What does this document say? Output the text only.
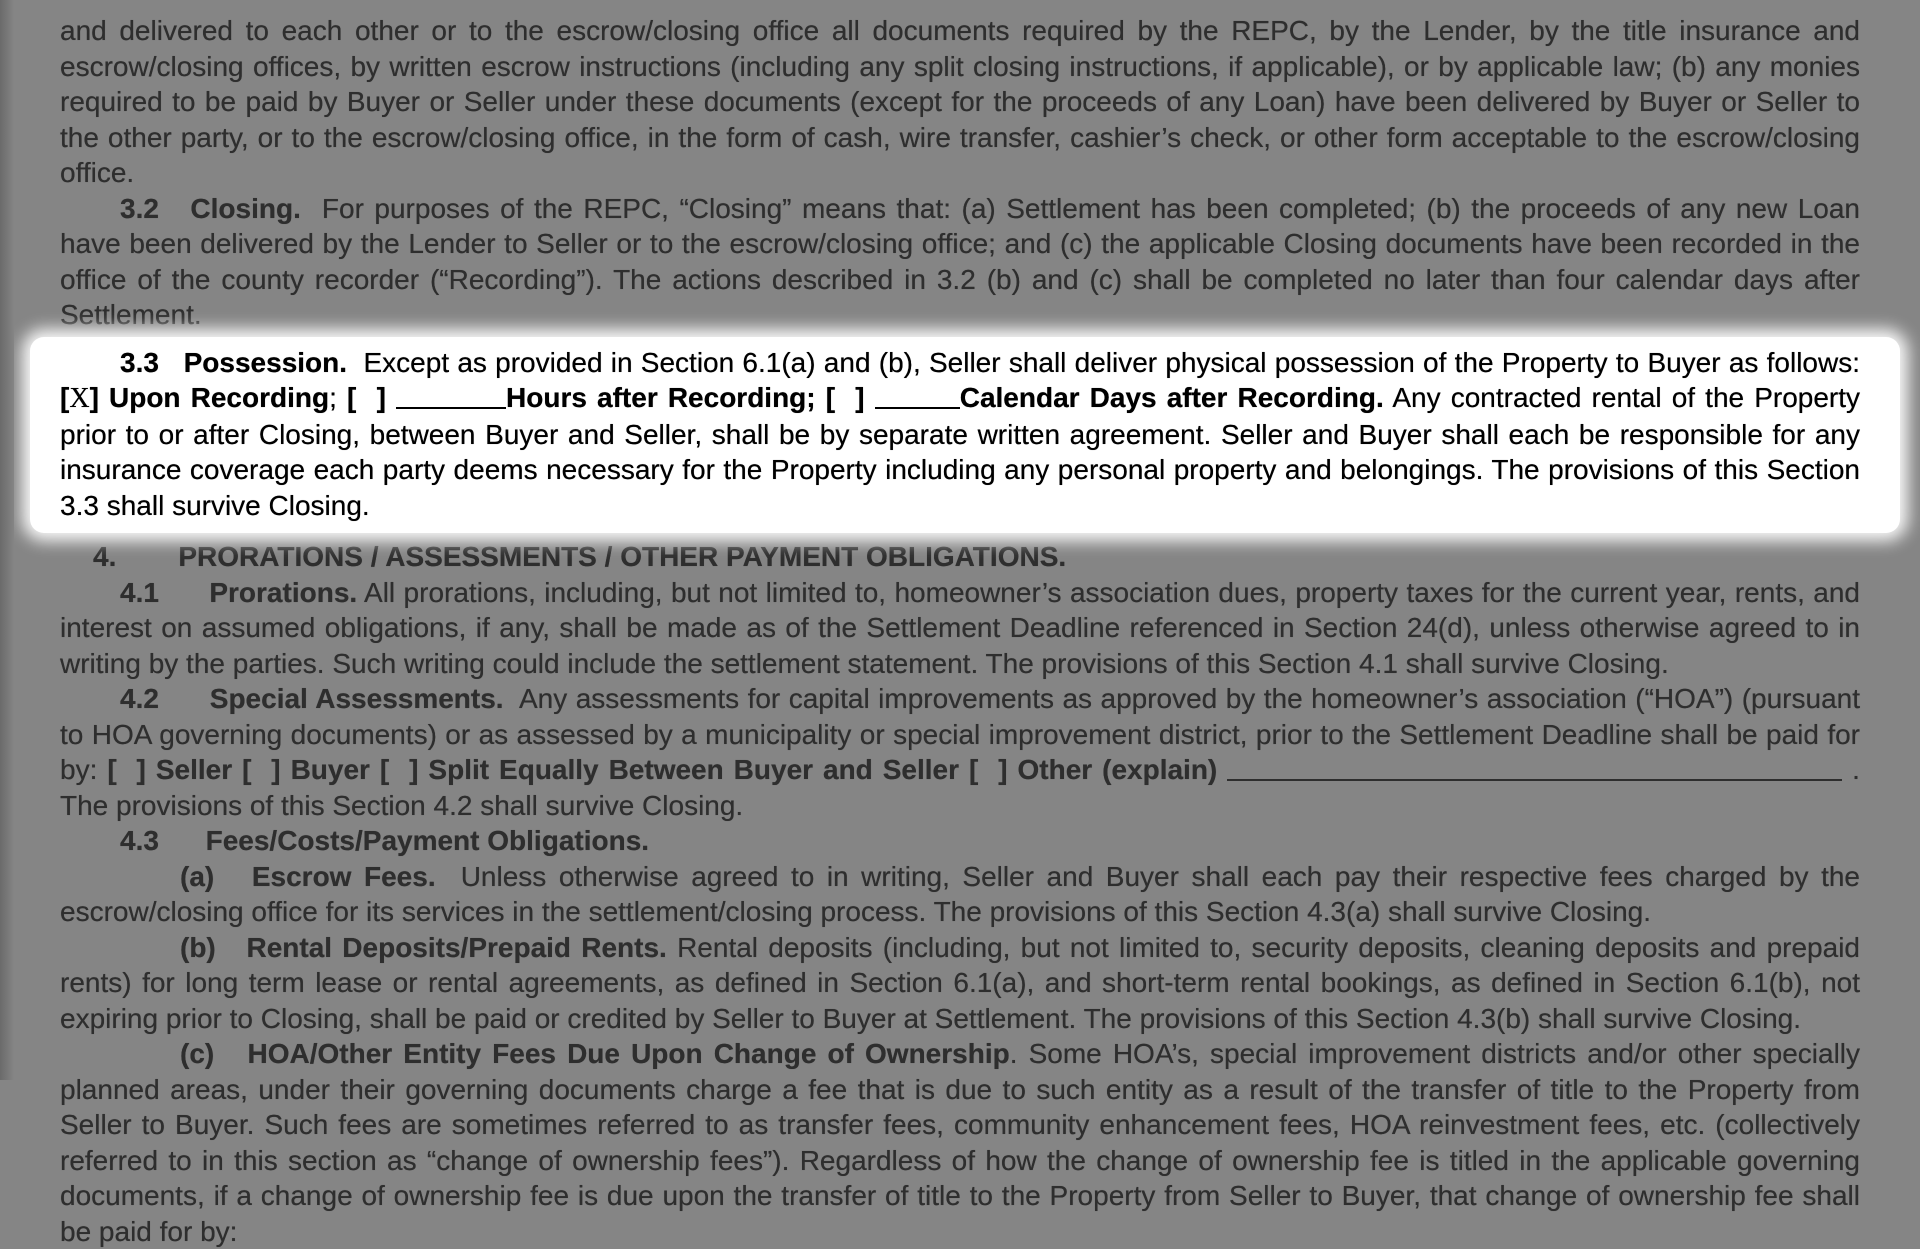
and delivered to each other or to the escrow/closing office all documents required by the REPC, by the Lender, by the title insurance and escrow/closing offices, by written escrow instructions (including any split closing instructions, if applicable), or by applicable law; (b) any monies required to be paid by Buyer or Seller under these documents (except for the proceeds of any Loan) have been delivered by Buyer or Seller to the other party, or to the escrow/closing office, in the form of cash, wire transfer, cashier’s check, or other form acceptable to the escrow/closing office.

3.2   Closing.  For purposes of the REPC, “Closing” means that: (a) Settlement has been completed; (b) the proceeds of any new Loan have been delivered by the Lender to Seller or to the escrow/closing office; and (c) the applicable Closing documents have been recorded in the office of the county recorder (“Recording”). The actions described in 3.2 (b) and (c) shall be completed no later than four calendar days after Settlement.

3.3   Possession.  Except as provided in Section 6.1(a) and (b), Seller shall deliver physical possession of the Property to Buyer as follows: [X] Upon Recording; [  ]	Hours after Recording; [  ]	Calendar Days after Recording. Any contracted rental of the Property prior to or after Closing, between Buyer and Seller, shall be by separate written agreement. Seller and Buyer shall each be responsible for any insurance coverage each party deems necessary for the Property including any personal property and belongings. The provisions of this Section 3.3 shall survive Closing.

4. PRORATIONS / ASSESSMENTS / OTHER PAYMENT OBLIGATIONS.

4.1      Prorations. All prorations, including, but not limited to, homeowner’s association dues, property taxes for the current year, rents, and interest on assumed obligations, if any, shall be made as of the Settlement Deadline referenced in Section 24(d), unless otherwise agreed to in writing by the parties. Such writing could include the settlement statement. The provisions of this Section 4.1 shall survive Closing.

4.2      Special Assessments.  Any assessments for capital improvements as approved by the homeowner’s association (“HOA”) (pursuant to HOA governing documents) or as assessed by a municipality or special improvement district, prior to the Settlement Deadline shall be paid for by: [  ] Seller [  ] Buyer [  ] Split Equally Between Buyer and Seller [  ] Other (explain)	. The provisions of this Section 4.2 shall survive Closing.

4.3      Fees/Costs/Payment Obligations.

(a)   Escrow Fees.  Unless otherwise agreed to in writing, Seller and Buyer shall each pay their respective fees charged by the escrow/closing office for its services in the settlement/closing process. The provisions of this Section 4.3(a) shall survive Closing.

(b)   Rental Deposits/Prepaid Rents. Rental deposits (including, but not limited to, security deposits, cleaning deposits and prepaid rents) for long term lease or rental agreements, as defined in Section 6.1(a), and short-term rental bookings, as defined in Section 6.1(b), not expiring prior to Closing, shall be paid or credited by Seller to Buyer at Settlement. The provisions of this Section 4.3(b) shall survive Closing.

(c)   HOA/Other Entity Fees Due Upon Change of Ownership. Some HOA’s, special improvement districts and/or other specially planned areas, under their governing documents charge a fee that is due to such entity as a result of the transfer of title to the Property from Seller to Buyer. Such fees are sometimes referred to as transfer fees, community enhancement fees, HOA reinvestment fees, etc. (collectively referred to in this section as “change of ownership fees”). Regardless of how the change of ownership fee is titled in the applicable governing documents, if a change of ownership fee is due upon the transfer of title to the Property from Seller to Buyer, that change of ownership fee shall be paid for by:
